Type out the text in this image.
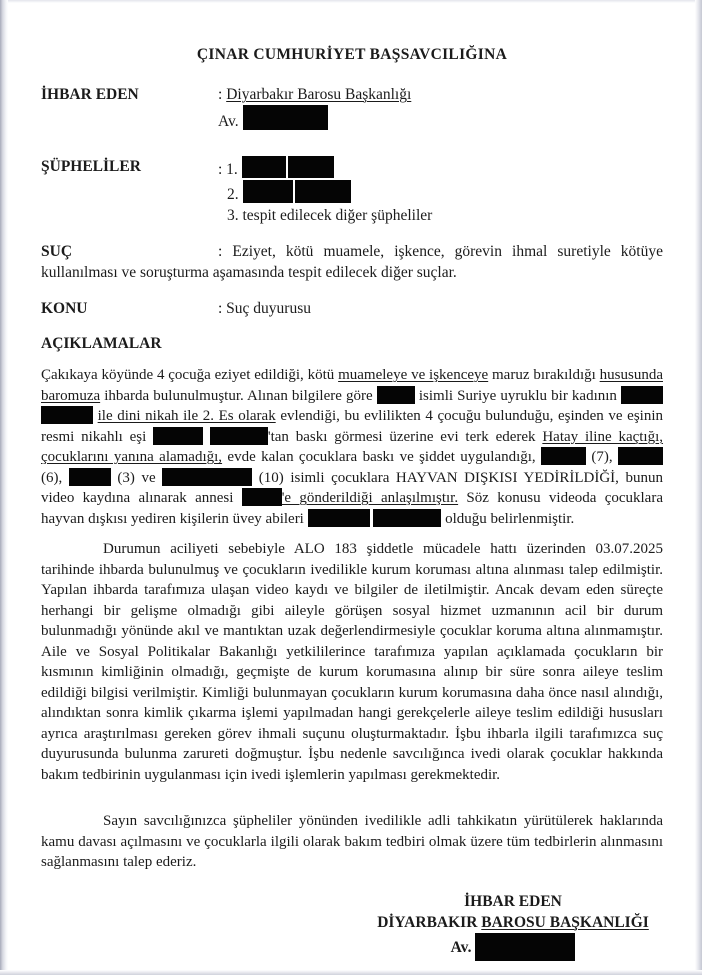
ÇINAR CUMHURİYET BAŞSAVCILIĞINA
İHBAR EDEN	: Diyarbakır Barosu Başkanlığı
Av.
ŞÜPHELİLER	: 1.
2.
3. tespit edilecek diğer şüpheliler

SUÇ	: Eziyet, kötü muamele, işkence, görevin ihmal suretiyle kötüye kullanılması ve soruşturma aşamasında tespit edilecek diğer suçlar.

KONU	: Suç duyurusu

AÇIKLAMALAR

Çakıkaya köyünde 4 çocuğa eziyet edildiği, kötü muameleye ve işkenceye maruz bırakıldığı hususunda baromuza ihbarda bulunulmuştur. Alınan bilgilere göre	isimli Suriye uyruklu bir kadının   ile dini nikah ile 2. Es olarak evlendiği, bu evlilikten 4 çocuğu bulunduğu, eşinden ve eşinin resmi nikahlı eşi	'tan baskı görmesi üzerine evi terk ederek Hatay iline kaçtığı, çocuklarını yanına alamadığı, evde kalan çocuklara baskı ve şiddet uygulandığı,	(7),  (6),	(3) ve	(10) isimli çocuklara HAYVAN DIŞKISI YEDİRİLDİĞİ, bunun video kaydına alınarak annesi	'e gönderildiği anlaşılmıştır. Söz konusu videoda çocuklara hayvan dışkısı yediren kişilerin üvey abileri	olduğu belirlenmiştir.

Durumun aciliyeti sebebiyle ALO 183 şiddetle mücadele hattı üzerinden 03.07.2025 tarihinde ihbarda bulunulmuş ve çocukların ivedilikle kurum koruması altına alınması talep edilmiştir. Yapılan ihbarda tarafımıza ulaşan video kaydı ve bilgiler de iletilmiştir. Ancak devam eden süreçte herhangi bir gelişme olmadığı gibi aileyle görüşen sosyal hizmet uzmanının acil bir durum bulunmadığı yönünde akıl ve mantıktan uzak değerlendirmesiyle çocuklar koruma altına alınmamıştır. Aile ve Sosyal Politikalar Bakanlığı yetkililerince tarafımıza yapılan açıklamada çocukların bir kısmının kimliğinin olmadığı, geçmişte de kurum korumasına alınıp bir süre sonra aileye teslim edildiği bilgisi verilmiştir. Kimliği bulunmayan çocukların kurum korumasına daha önce nasıl alındığı, alındıktan sonra kimlik çıkarma işlemi yapılmadan hangi gerekçelerle aileye teslim edildiği hususları ayrıca araştırılması gereken görev ihmali suçunu oluşturmaktadır. İşbu ihbarla ilgili tarafımızca suç duyurusunda bulunma zarureti doğmuştur. İşbu nedenle savcılığınca ivedi olarak çocuklar hakkında bakım tedbirinin uygulanması için ivedi işlemlerin yapılması gerekmektedir.

Sayın savcılığınızca şüpheliler yönünden ivedilikle adli tahkikatın yürütülerek haklarında kamu davası açılmasını ve çocuklarla ilgili olarak bakım tedbiri olmak üzere tüm tedbirlerin alınmasını sağlanmasını talep ederiz.

İHBAR EDEN
DİYARBAKIR BAROSU BAŞKANLIĞI
Av.
